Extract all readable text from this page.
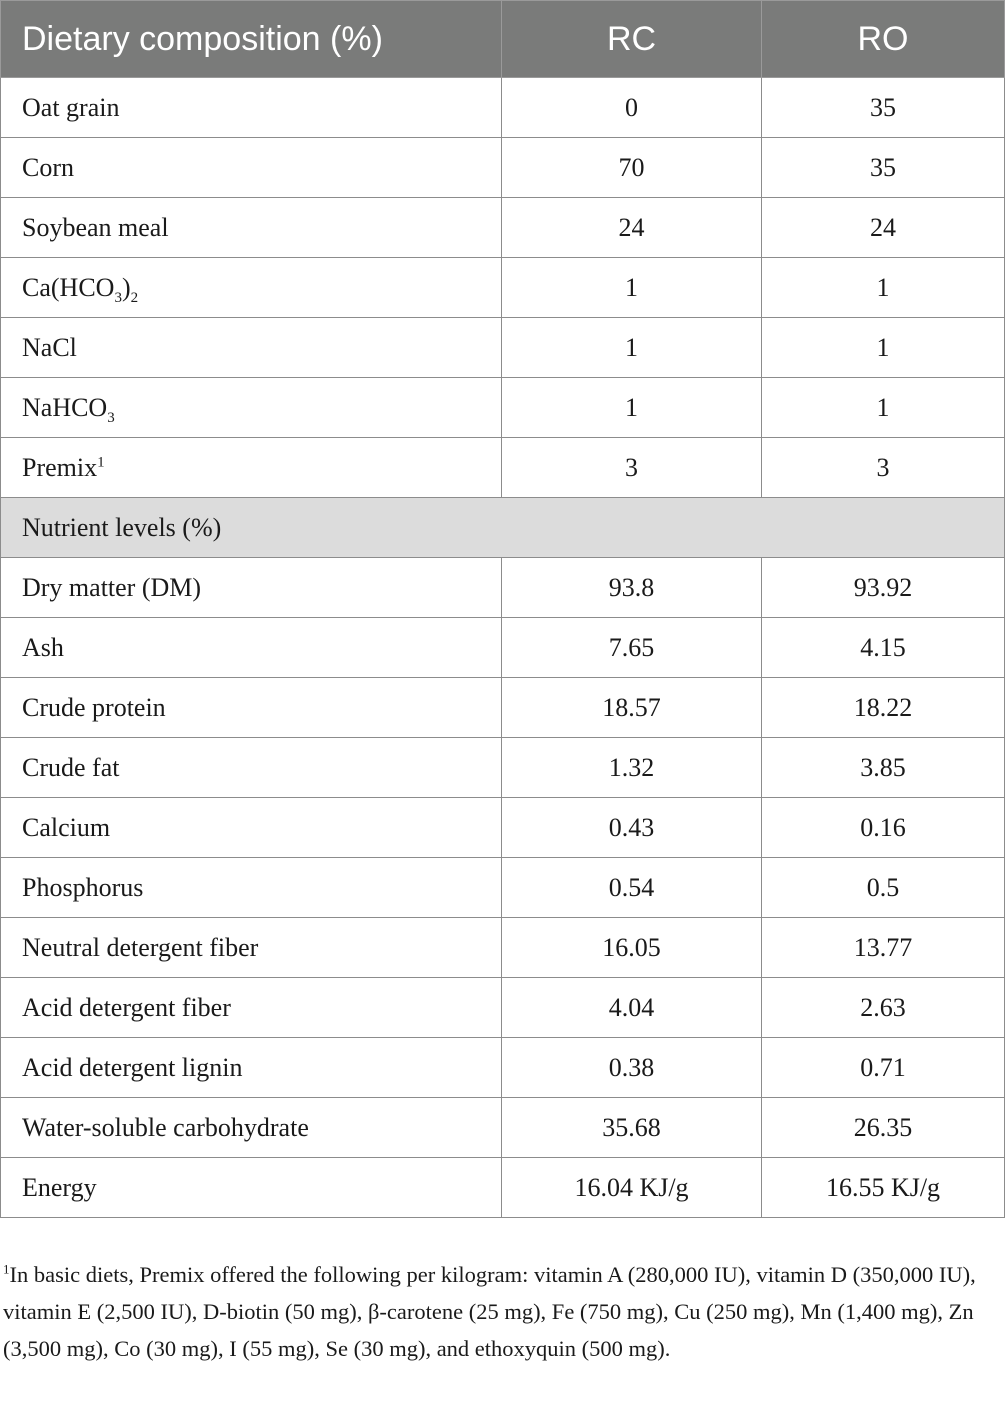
Dietary composition (%)	RC	RO
Oat grain	0	35
Corn	70	35
Soybean meal	24	24
$Ca(HCO_3)_2$	1	1
NaCl	1	1
NaHCO$_3$	1	1
Premix$^1$	3	3
Nutrient levels (%)		
Dry matter (DM)	93.8	93.92
Ash	7.65	4.15
Crude protein	18.57	18.22
Crude fat	1.32	3.85
Calcium	0.43	0.16
Phosphorus	0.54	0.5
Neutral detergent fiber	16.05	13.77
Acid detergent fiber	4.04	2.63
Acid detergent lignin	0.38	0.71
Water-soluble carbohydrate	35.68	26.35
Energy	16.04 KJ/g	16.55 KJ/g
$^1$In basic diets, Premix offered the following per kilogram: vitamin A (280,000 IU), vitamin D (350,000 IU), vitamin E (2,500 IU), D-biotin (50 mg), β-carotene (25 mg), Fe (750 mg), Cu (250 mg), Mn (1,400 mg), Zn (3,500 mg), Co (30 mg), I (55 mg), Se (30 mg), and ethoxyquin (500 mg).
